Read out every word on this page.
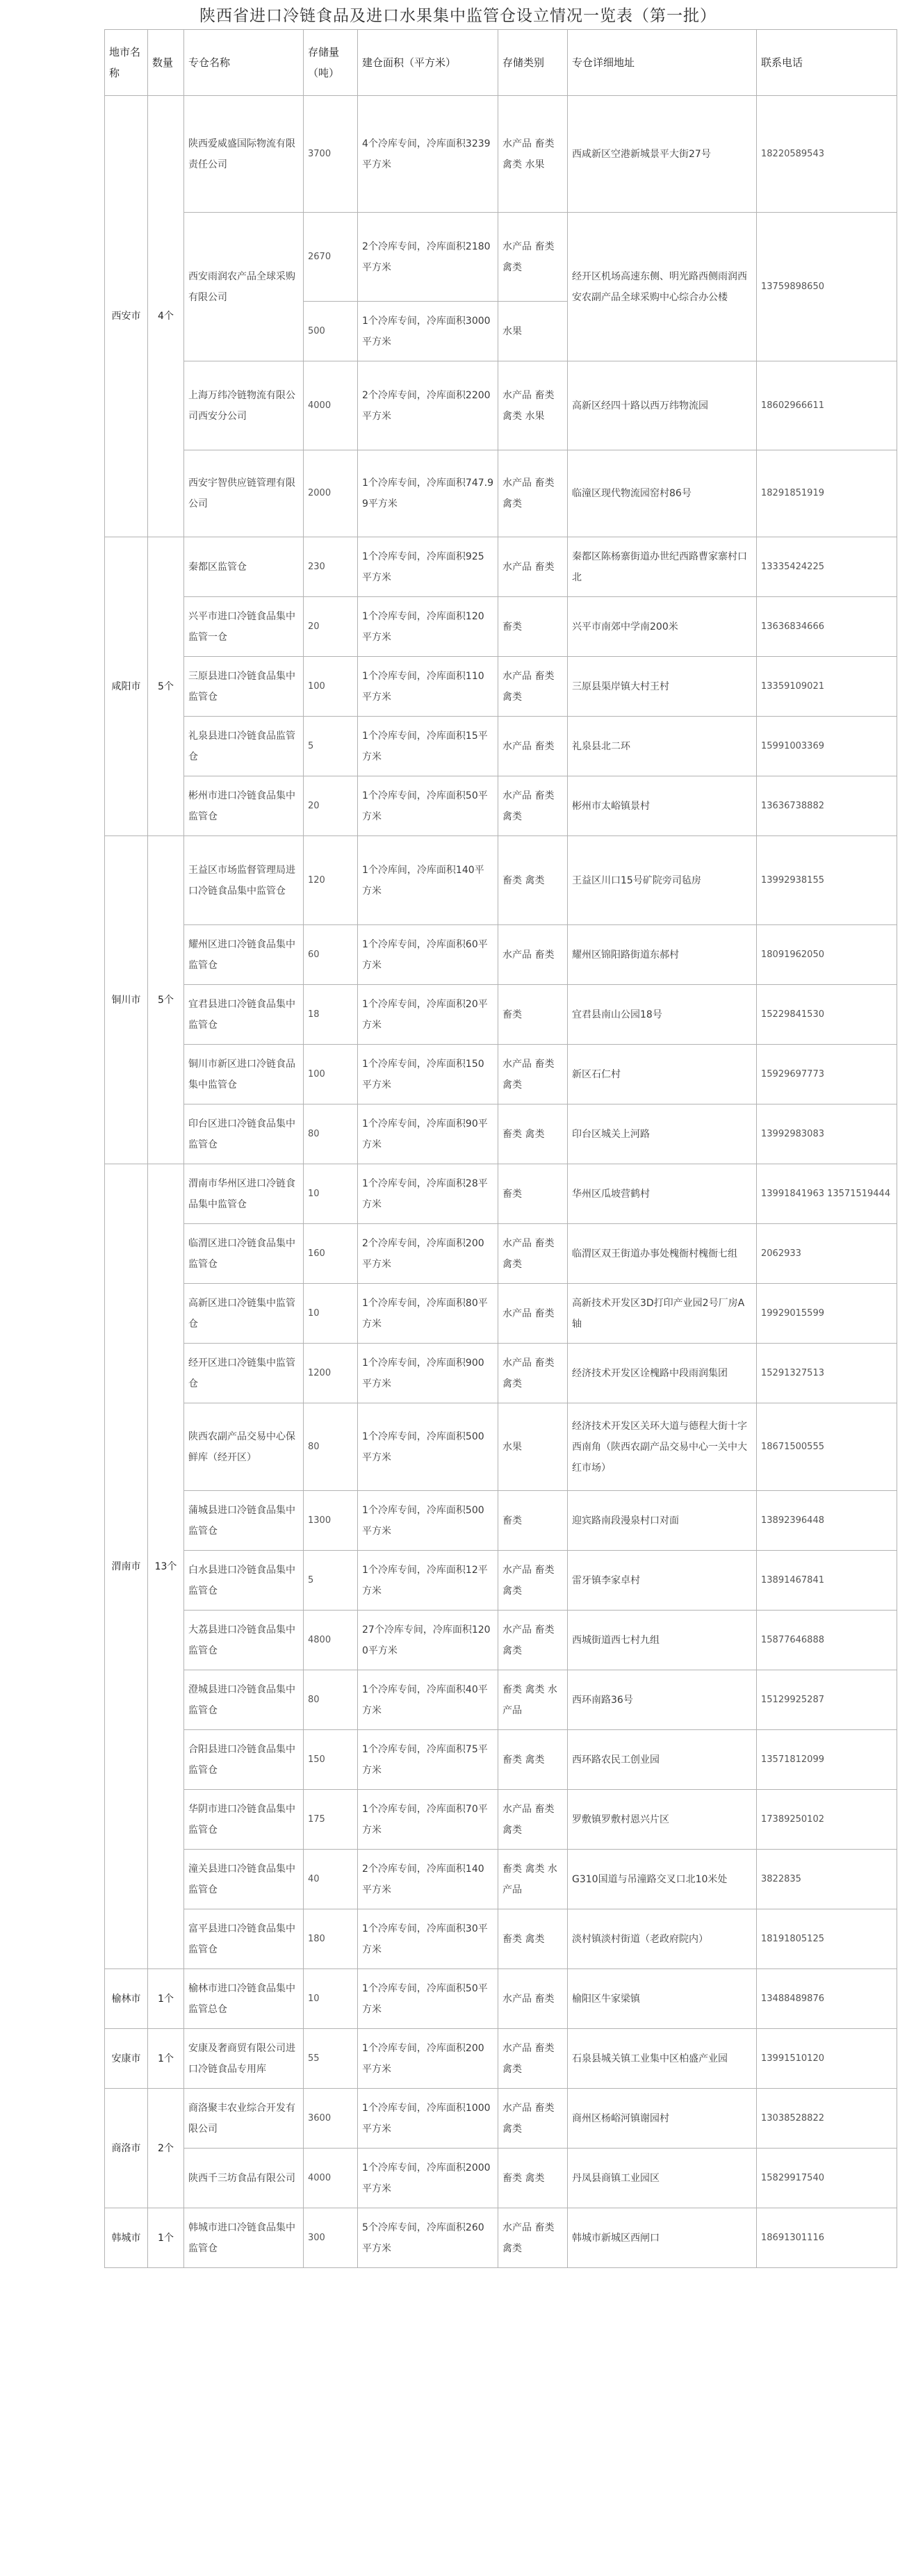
陕西省进口冷链食品及进口水果集中监管仓设立情况一览表（第一批）
地市名称	数量	专仓名称	存储量（吨）	建仓面积（平方米）	存储类别	专仓详细地址	联系电话
西安市	4个	陕西爱威盛国际物流有限责任公司	3700	4个冷库专间，冷库面积3239平方米	水产品 畜类 禽类 水果	西咸新区空港新城景平大街27号	18220589543
		西安雨润农产品全球采购有限公司	2670	2个冷库专间，冷库面积2180平方米	水产品 畜类 禽类	经开区机场高速东侧、明光路西侧雨润西安农副产品全球采购中心综合办公楼	13759898650
			500	1个冷库专间，冷库面积3000平方米	水果		
		上海万纬冷链物流有限公司西安分公司	4000	2个冷库专间，冷库面积2200平方米	水产品 畜类 禽类 水果	高新区经四十路以西万纬物流园	18602966611
		西安宇智供应链管理有限公司	2000	1个冷库专间，冷库面积747.99平方米	水产品 畜类 禽类	临潼区现代物流园窑村86号	18291851919
咸阳市	5个	秦都区监管仓	230	1个冷库专间，冷库面积925平方米	水产品 畜类	秦都区陈杨寨街道办世纪西路曹家寨村口北	13335424225
		兴平市进口冷链食品集中监管一仓	20	1个冷库专间，冷库面积120平方米	畜类	兴平市南郊中学南200米	13636834666
		三原县进口冷链食品集中监管仓	100	1个冷库专间，冷库面积110平方米	水产品 畜类 禽类	三原县渠岸镇大村王村	13359109021
		礼泉县进口冷链食品监管仓	5	1个冷库专间，冷库面积15平方米	水产品 畜类	礼泉县北二环	15991003369
		彬州市进口冷链食品集中监管仓	20	1个冷库专间，冷库面积50平方米	水产品 畜类 禽类	彬州市太峪镇景村	13636738882
铜川市	5个	王益区市场监督管理局进口冷链食品集中监管仓	120	1个冷库间，冷库面积140平方米	畜类 禽类	王益区川口15号矿院旁司毡房	13992938155
		耀州区进口冷链食品集中监管仓	60	1个冷库专间，冷库面积60平方米	水产品 畜类	耀州区锦阳路街道东郝村	18091962050
		宜君县进口冷链食品集中监管仓	18	1个冷库专间，冷库面积20平方米	畜类	宜君县南山公园18号	15229841530
		铜川市新区进口冷链食品集中监管仓	100	1个冷库专间，冷库面积150平方米	水产品 畜类 禽类	新区石仁村	15929697773
		印台区进口冷链食品集中监管仓	80	1个冷库专间，冷库面积90平方米	畜类 禽类	印台区城关上河路	13992983083
渭南市	13个	渭南市华州区进口冷链食品集中监管仓	10	1个冷库专间，冷库面积28平方米	畜类	华州区瓜坡营鹤村	13991841963 13571519444
		临渭区进口冷链食品集中监管仓	160	2个冷库专间，冷库面积200平方米	水产品 畜类 禽类	临渭区双王街道办事处槐衙村槐衙七组	2062933
		高新区进口冷链集中监管仓	10	1个冷库专间，冷库面积80平方米	水产品 畜类	高新技术开发区3D打印产业园2号厂房A轴	19929015599
		经开区进口冷链集中监管仓	1200	1个冷库专间，冷库面积900平方米	水产品 畜类 禽类	经济技术开发区诠槐路中段雨润集团	15291327513
		陕西农副产品交易中心保鲜库（经开区）	80	1个冷库专间，冷库面积500平方米	水果	经济技术开发区关环大道与德程大街十字西南角（陕西农副产品交易中心一关中大红市场）	18671500555
		蒲城县进口冷链食品集中监管仓	1300	1个冷库专间，冷库面积500平方米	畜类	迎宾路南段漫泉村口对面	13892396448
		白水县进口冷链食品集中监管仓	5	1个冷库专间，冷库面积12平方米	水产品 畜类 禽类	雷牙镇李家卓村	13891467841
		大荔县进口冷链食品集中监管仓	4800	27个冷库专间，冷库面积1200平方米	水产品 畜类 禽类	西城街道西七村九组	15877646888
		澄城县进口冷链食品集中监管仓	80	1个冷库专间，冷库面积40平方米	畜类 禽类 水产品	西环南路36号	15129925287
		合阳县进口冷链食品集中监管仓	150	1个冷库专间，冷库面积75平方米	畜类 禽类	西环路农民工创业园	13571812099
		华阴市进口冷链食品集中监管仓	175	1个冷库专间，冷库面积70平方米	水产品 畜类 禽类	罗敷镇罗敷村恩兴片区	17389250102
		潼关县进口冷链食品集中监管仓	40	2个冷库专间，冷库面积140平方米	畜类 禽类 水产品	G310国道与吊潼路交叉口北10米处	3822835
		富平县进口冷链食品集中监管仓	180	1个冷库专间，冷库面积30平方米	畜类 禽类	淡村镇淡村街道（老政府院内）	18191805125
榆林市	1个	榆林市进口冷链食品集中监管总仓	10	1个冷库专间，冷库面积50平方米	水产品 畜类	榆阳区牛家梁镇	13488489876
安康市	1个	安康及奢商贸有限公司进口冷链食品专用库	55	1个冷库专间，冷库面积200平方米	水产品 畜类 禽类	石泉县城关镇工业集中区柏盛产业园	13991510120
商洛市	2个	商洛聚丰农业综合开发有限公司	3600	1个冷库专间，冷库面积1000平方米	水产品 畜类 禽类	商州区杨峪河镇谢园村	13038528822
		陕西千三坊食品有限公司	4000	1个冷库专间，冷库面积2000平方米	畜类 禽类	丹凤县商镇工业园区	15829917540
韩城市	1个	韩城市进口冷链食品集中监管仓	300	5个冷库专间，冷库面积260平方米	水产品 畜类 禽类	韩城市新城区西闸口	18691301116
